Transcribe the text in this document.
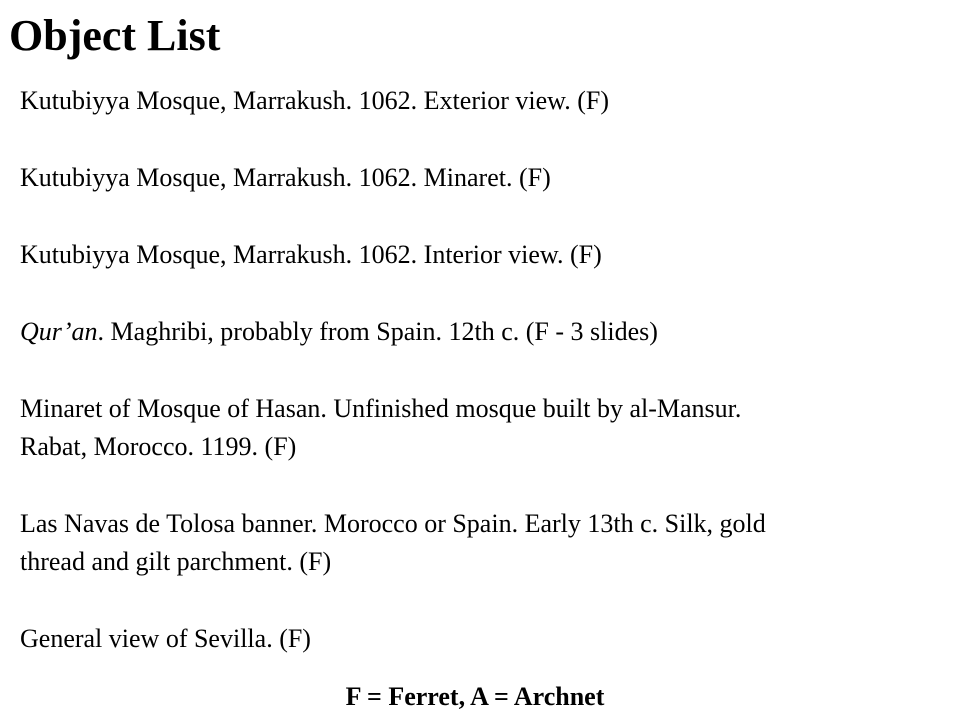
Object List
Kutubiyya Mosque, Marrakush. 1062. Exterior view. (F)
Kutubiyya Mosque, Marrakush. 1062. Minaret. (F)
Kutubiyya Mosque, Marrakush. 1062. Interior view. (F)
Qur’an. Maghribi, probably from Spain. 12th c. (F - 3 slides)
Minaret of Mosque of Hasan. Unfinished mosque built by al-Mansur.
Rabat, Morocco. 1199. (F)
Las Navas de Tolosa banner. Morocco or Spain. Early 13th c. Silk, gold
thread and gilt parchment. (F)
General view of Sevilla. (F)
F = Ferret, A = Archnet
